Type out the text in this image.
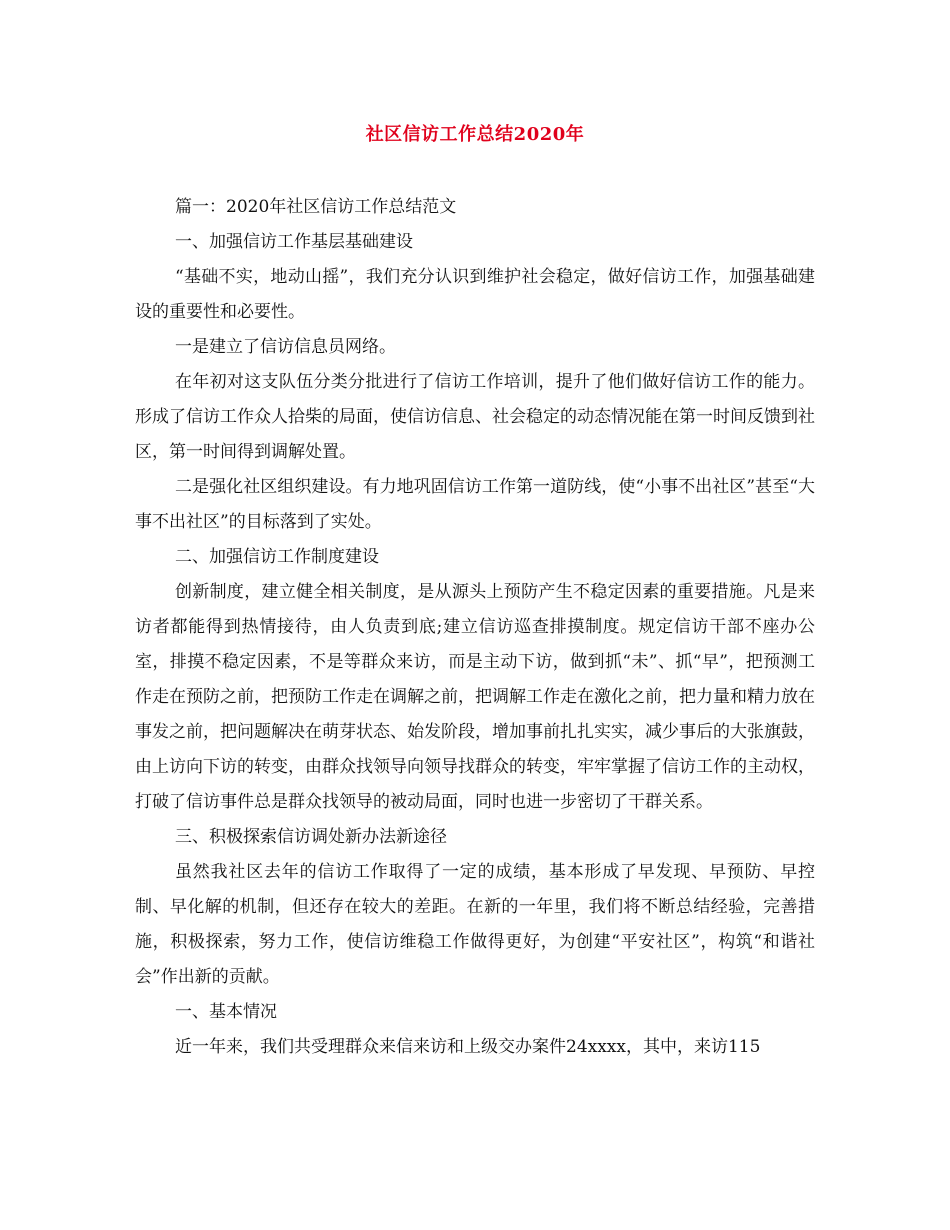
社区信访工作总结2020年

篇一：2020年社区信访工作总结范文

一、加强信访工作基层基础建设

“基础不实，地动山摇”，我们充分认识到维护社会稳定，做好信访工作，加强基础建设的重要性和必要性。

一是建立了信访信息员网络。

在年初对这支队伍分类分批进行了信访工作培训，提升了他们做好信访工作的能力。形成了信访工作众人拾柴的局面，使信访信息、社会稳定的动态情况能在第一时间反馈到社区，第一时间得到调解处置。

二是强化社区组织建设。有力地巩固信访工作第一道防线，使“小事不出社区”甚至“大事不出社区”的目标落到了实处。

二、加强信访工作制度建设

创新制度，建立健全相关制度，是从源头上预防产生不稳定因素的重要措施。凡是来访者都能得到热情接待，由人负责到底;建立信访巡查排摸制度。规定信访干部不座办公室，排摸不稳定因素，不是等群众来访，而是主动下访，做到抓“未”、抓“早”，把预测工作走在预防之前，把预防工作走在调解之前，把调解工作走在激化之前，把力量和精力放在事发之前，把问题解决在萌芽状态、始发阶段，增加事前扎扎实实，减少事后的大张旗鼓，由上访向下访的转变，由群众找领导向领导找群众的转变，牢牢掌握了信访工作的主动权，打破了信访事件总是群众找领导的被动局面，同时也进一步密切了干群关系。

三、积极探索信访调处新办法新途径

虽然我社区去年的信访工作取得了一定的成绩，基本形成了早发现、早预防、早控制、早化解的机制，但还存在较大的差距。在新的一年里，我们将不断总结经验，完善措施，积极探索，努力工作，使信访维稳工作做得更好，为创建“平安社区”，构筑“和谐社会”作出新的贡献。

一、基本情况

近一年来，我们共受理群众来信来访和上级交办案件24xxxx，其中，来访115
